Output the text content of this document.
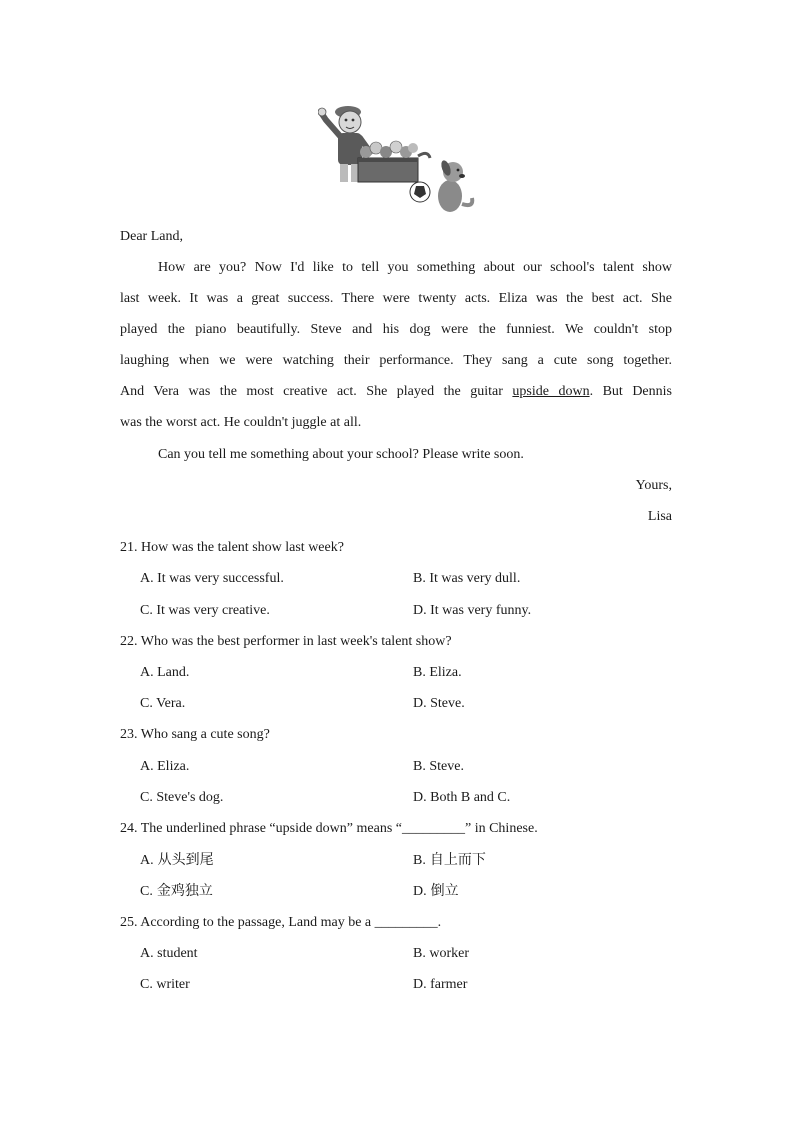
Dear Land,
How are you? Now I'd like to tell you something about our school's talent show
last week. It was a great success. There were twenty acts. Eliza was the best act. She
played the piano beautifully. Steve and his dog were the funniest. We couldn't stop
laughing when we were watching their performance. They sang a cute song together.
And Vera was the most creative act. She played the guitar upside down. But Dennis
was the worst act. He couldn't juggle at all.
Can you tell me something about your school? Please write soon.
Yours,
Lisa
21. How was the talent show last week?
A. It was very successful.	B. It was very dull.
C. It was very creative.	D. It was very funny.
22. Who was the best performer in last week's talent show?
A. Land.	B. Eliza.
C. Vera.	D. Steve.
23. Who sang a cute song?
A. Eliza.	B. Steve.
C. Steve's dog.	D. Both B and C.
24. The underlined phrase “upside down” means “_________” in Chinese.
A. 从头到尾	B. 自上而下
C. 金鸡独立	D. 倒立
25. According to the passage, Land may be a _________.
A. student	B. worker
C. writer	D. farmer
